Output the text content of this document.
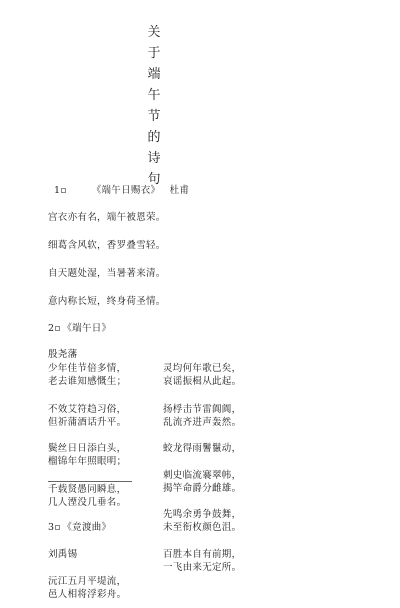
关
于
端
午
节
的
诗
句
1	《端午日赐衣》 杜甫
宫衣亦有名，端午被恩荣。
细葛含风软，香罗叠雪轻。
自天题处湿，当暑著来清。
意内称长短，终身荷圣情。
2 《端午日》
殷尧藩
少年佳节倍多情，
老去谁知感慨生；
不效艾符趋习俗，
但祈蒲酒话升平。
鬓丝日日添白头，
榴锦年年照眼明；
千载贤愚同瞬息，
几人湮没几垂名。
灵均何年歌已矣，
哀谣振楫从此起。
扬桴击节雷阗阗，
乱流齐进声轰然。
蛟龙得雨鬐鬣动，
刺史临流褰翠帏，
揭竿命爵分雌雄。
先鸣余勇争鼓舞，
未至衔枚颜色沮。
百胜本自有前期，
一飞由来无定所。
3 《竞渡曲》
刘禹锡
沅江五月平堤流，
邑人相将浮彩舟。
